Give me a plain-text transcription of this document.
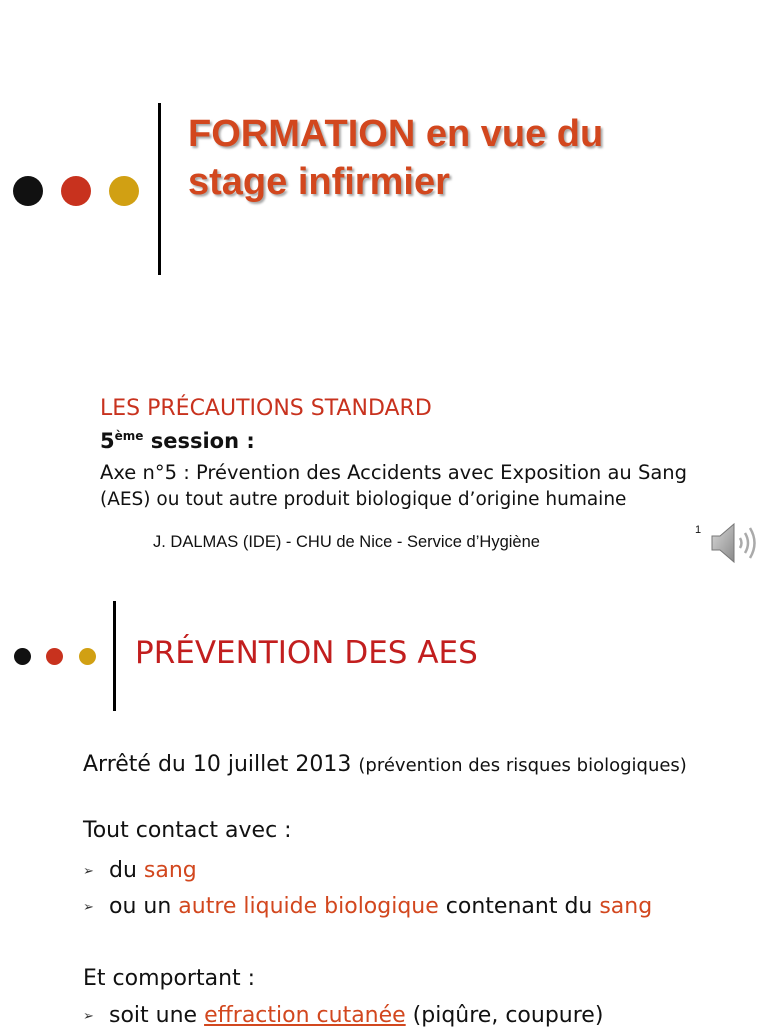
FORMATION en vue du
stage infirmier
LES PRÉCAUTIONS STANDARD
5ème session :
Axe n°5 : Prévention des Accidents avec Exposition au Sang
(AES) ou tout autre produit biologique d’origine humaine
J. DALMAS (IDE) - CHU de Nice - Service d’Hygiène
1
PRÉVENTION DES AES
Arrêté du 10 juillet 2013 (prévention des risques biologiques)
Tout contact avec :
➢ du sang
➢ ou un autre liquide biologique contenant du sang
Et comportant :
➢ soit une effraction cutanée (piqûre, coupure)
